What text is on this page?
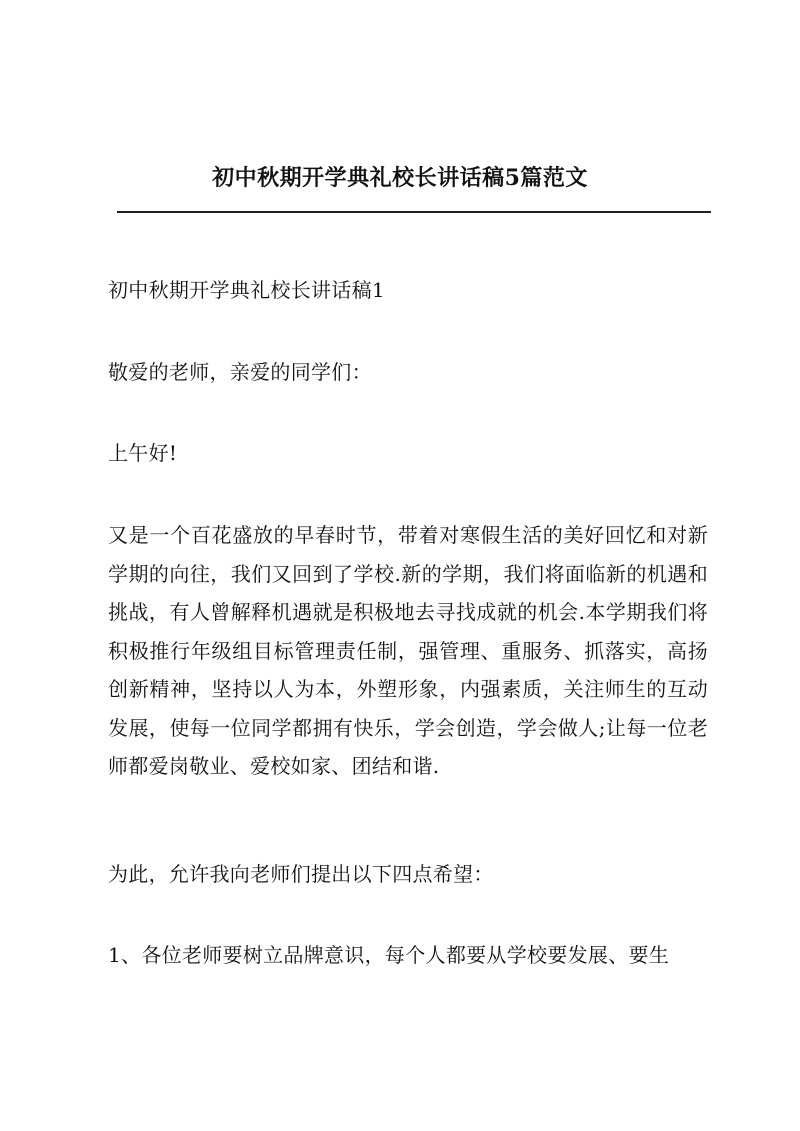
初中秋期开学典礼校长讲话稿5篇范文

初中秋期开学典礼校长讲话稿1

敬爱的老师，亲爱的同学们：

上午好!

又是一个百花盛放的早春时节，带着对寒假生活的美好回忆和对新学期的向往，我们又回到了学校.新的学期，我们将面临新的机遇和挑战，有人曾解释机遇就是积极地去寻找成就的机会.本学期我们将积极推行年级组目标管理责任制，强管理、重服务、抓落实，高扬创新精神，坚持以人为本，外塑形象，内强素质，关注师生的互动发展，使每一位同学都拥有快乐，学会创造，学会做人;让每一位老师都爱岗敬业、爱校如家、团结和谐.

为此，允许我向老师们提出以下四点希望：

1、各位老师要树立品牌意识，每个人都要从学校要发展、要生
